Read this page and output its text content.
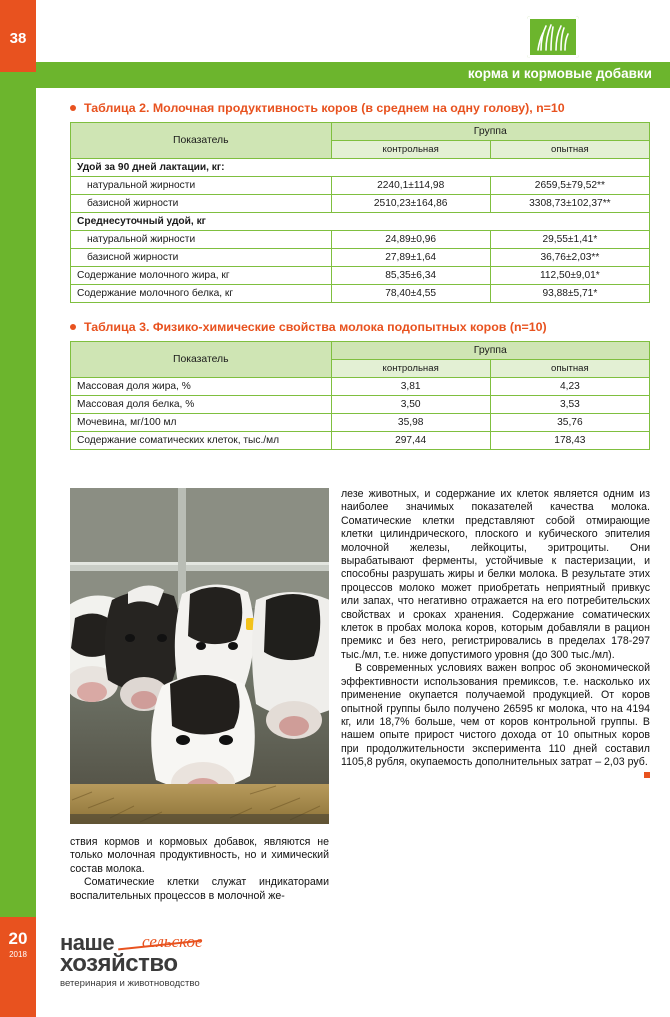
38
20
2018
корма и кормовые добавки
Таблица 2. Молочная продуктивность коров (в среднем на одну голову), n=10
Показатель	Группа	
	контрольная	опытная
Удой за 90 дней лактации, кг:		
натуральной жирности	2240,1±114,98	2659,5±79,52**
базисной жирности	2510,23±164,86	3308,73±102,37**
Среднесуточный удой, кг		
натуральной жирности	24,89±0,96	29,55±1,41*
базисной жирности	27,89±1,64	36,76±2,03**
Содержание молочного жира, кг	85,35±6,34	112,50±9,01*
Содержание молочного белка, кг	78,40±4,55	93,88±5,71*
Таблица 3. Физико-химические свойства молока подопытных коров (n=10)
Показатель	Группа	
	контрольная	опытная
Массовая доля жира, %	3,81	4,23
Массовая доля белка, %	3,50	3,53
Мочевина, мг/100 мл	35,98	35,76
Содержание соматических клеток, тыс./мл	297,44	178,43

лезе животных, и содержание их клеток является одним из наиболее значимых показателей качества молока. Соматические клетки представляют собой отмирающие клетки цилиндрического, плоского и кубического эпителия молочной железы, лейкоциты, эритроциты. Они вырабатывают ферменты, устойчивые к пастеризации, и способны разрушать жиры и белки молока. В результате этих процессов молоко может приобретать неприятный привкус или запах, что негативно отражается на его потребительских свойствах и сроках хранения. Содержание соматических клеток в пробах молока коров, которым добавляли в рацион премикс и без него, регистрировались в пределах 178-297 тыс./мл, т.е. ниже допустимого уровня (до 300 тыс./мл).

В современных условиях важен вопрос об экономической эффективности использования премиксов, т.е. насколько их применение окупается получаемой продукцией. От коров опытной группы было получено 26595 кг молока, что на 4194 кг, или 18,7% больше, чем от коров контрольной группы. В нашем опыте прирост чистого дохода от 10 опытных коров при продолжительности эксперимента 110 дней составил 1105,8 рубля, окупаемость дополнительных затрат – 2,03 руб.

ствия кормов и кормовых добавок, являются не только молочная продуктивность, но и химический состав молока.

Соматические клетки служат индикаторами воспалительных процессов в молочной же-

наше сельское
хозяйство
ветеринария и животноводство
